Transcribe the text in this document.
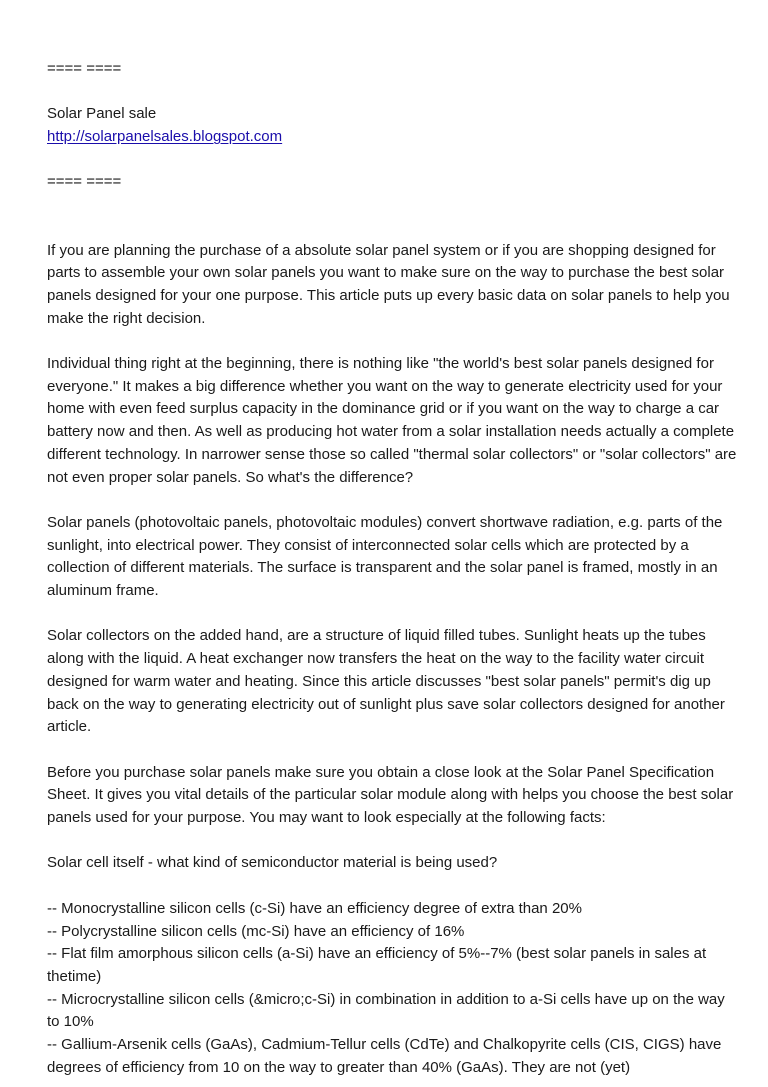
==== ====

Solar Panel sale

http://solarpanelsales.blogspot.com

==== ====

If you are planning the purchase of a absolute solar panel system or if you are shopping designed for parts to assemble your own solar panels you want to make sure on the way to purchase the best solar panels designed for your one purpose. This article puts up every basic data on solar panels to help you make the right decision.

Individual thing right at the beginning, there is nothing like "the world's best solar panels designed for everyone." It makes a big difference whether you want on the way to generate electricity used for your home with even feed surplus capacity in the dominance grid or if you want on the way to charge a car battery now and then. As well as producing hot water from a solar installation needs actually a complete different technology. In narrower sense those so called "thermal solar collectors" or "solar collectors" are not even proper solar panels. So what's the difference?

Solar panels (photovoltaic panels, photovoltaic modules) convert shortwave radiation, e.g. parts of the sunlight, into electrical power. They consist of interconnected solar cells which are protected by a collection of different materials. The surface is transparent and the solar panel is framed, mostly in an aluminum frame.

Solar collectors on the added hand, are a structure of liquid filled tubes. Sunlight heats up the tubes along with the liquid. A heat exchanger now transfers the heat on the way to the facility water circuit designed for warm water and heating. Since this article discusses "best solar panels" permit's dig up back on the way to generating electricity out of sunlight plus save solar collectors designed for another article.

Before you purchase solar panels make sure you obtain a close look at the Solar Panel Specification Sheet. It gives you vital details of the particular solar module along with helps you choose the best solar panels used for your purpose. You may want to look especially at the following facts:

Solar cell itself - what kind of semiconductor material is being used?

-- Monocrystalline silicon cells (c-Si) have an efficiency degree of extra than 20%

-- Polycrystalline silicon cells (mc-Si) have an efficiency of 16%

-- Flat film amorphous silicon cells (a-Si) have an efficiency of 5%--7% (best solar panels in sales at

thetime)

-- Microcrystalline silicon cells (&micro;c-Si) in combination in addition to a-Si cells have up on the way to 10%

-- Gallium-Arsenik cells (GaAs), Cadmium-Tellur cells (CdTe) and Chalkopyrite cells (CIS, CIGS) have degrees of efficiency from 10 on the way to greater than 40% (GaAs). They are not (yet)
